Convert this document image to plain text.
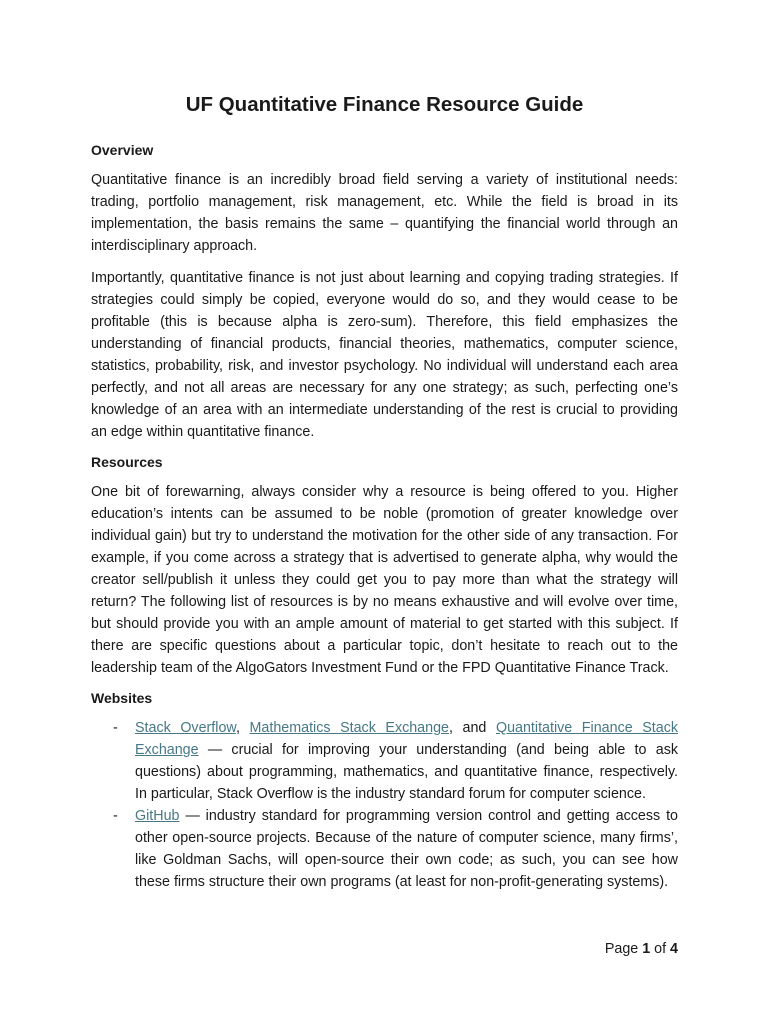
UF Quantitative Finance Resource Guide
Overview

Quantitative finance is an incredibly broad field serving a variety of institutional needs: trading, portfolio management, risk management, etc. While the field is broad in its implementation, the basis remains the same – quantifying the financial world through an interdisciplinary approach.

Importantly, quantitative finance is not just about learning and copying trading strategies. If strategies could simply be copied, everyone would do so, and they would cease to be profitable (this is because alpha is zero-sum). Therefore, this field emphasizes the understanding of financial products, financial theories, mathematics, computer science, statistics, probability, risk, and investor psychology. No individual will understand each area perfectly, and not all areas are necessary for any one strategy; as such, perfecting one’s knowledge of an area with an intermediate understanding of the rest is crucial to providing an edge within quantitative finance.

Resources

One bit of forewarning, always consider why a resource is being offered to you. Higher education’s intents can be assumed to be noble (promotion of greater knowledge over individual gain) but try to understand the motivation for the other side of any transaction. For example, if you come across a strategy that is advertised to generate alpha, why would the creator sell/publish it unless they could get you to pay more than what the strategy will return? The following list of resources is by no means exhaustive and will evolve over time, but should provide you with an ample amount of material to get started with this subject. If there are specific questions about a particular topic, don’t hesitate to reach out to the leadership team of the AlgoGators Investment Fund or the FPD Quantitative Finance Track.

Websites
- Stack Overflow, Mathematics Stack Exchange, and Quantitative Finance Stack Exchange — crucial for improving your understanding (and being able to ask questions) about programming, mathematics, and quantitative finance, respectively. In particular, Stack Overflow is the industry standard forum for computer science.
- GitHub — industry standard for programming version control and getting access to other open-source projects. Because of the nature of computer science, many firms’, like Goldman Sachs, will open-source their own code; as such, you can see how these firms structure their own programs (at least for non-profit-generating systems).
Page 1 of 4
